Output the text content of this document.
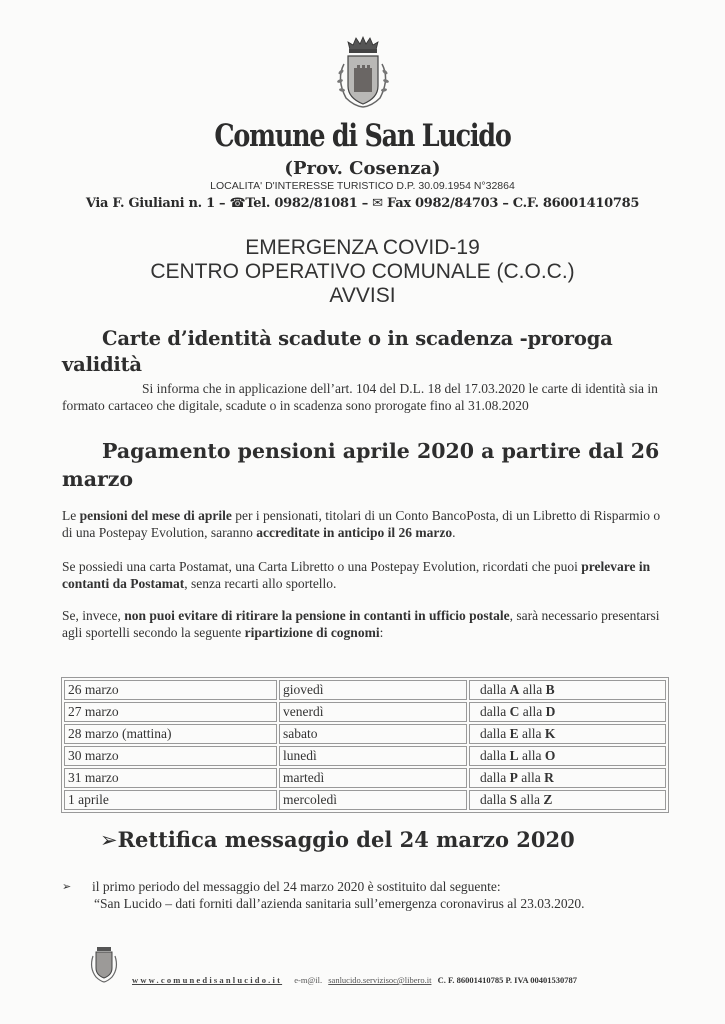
Comune di San Lucido
(Prov. Cosenza)
LOCALITA' D'INTERESSE TURISTICO D.P. 30.09.1954 N°32864
Via F. Giuliani n. 1 – ☎Tel. 0982/81081 – ✉ Fax 0982/84703 – C.F. 86001410785
EMERGENZA COVID-19
CENTRO OPERATIVO COMUNALE (C.O.C.)
AVVISI
Carte d’identità scadute o in scadenza -proroga
validità
Si informa che in applicazione dell’art. 104 del D.L. 18 del 17.03.2020 le carte di identità sia in formato cartaceo che digitale, scadute o in scadenza sono prorogate fino al 31.08.2020
Pagamento pensioni aprile 2020 a partire dal 26
marzo
Le pensioni del mese di aprile per i pensionati, titolari di un Conto BancoPosta, di un Libretto di Risparmio o di una Postepay Evolution, saranno accreditate in anticipo il 26 marzo.
Se possiedi una carta Postamat, una Carta Libretto o una Postepay Evolution, ricordati che puoi prelevare in contanti da Postamat, senza recarti allo sportello.
Se, invece, non puoi evitare di ritirare la pensione in contanti in ufficio postale, sarà necessario presentarsi agli sportelli secondo la seguente ripartizione di cognomi:
26 marzo	giovedì	dalla A alla B
27 marzo	venerdì	dalla C alla D
28 marzo (mattina)	sabato	dalla E alla K
30 marzo	lunedì	dalla L alla O
31 marzo	martedì	dalla P alla R
1 aprile	mercoledì	dalla S alla Z
➢Rettifica messaggio del 24 marzo 2020
➢ il primo periodo del messaggio del 24 marzo 2020 è sostituito dal seguente:
“San Lucido – dati forniti dall’azienda sanitaria sull’emergenza coronavirus al 23.03.2020.
www.comunedisanlucido.it e-m@il. sanlucido.servizisoc@libero.it C. F. 86001410785 P. IVA 00401530787
